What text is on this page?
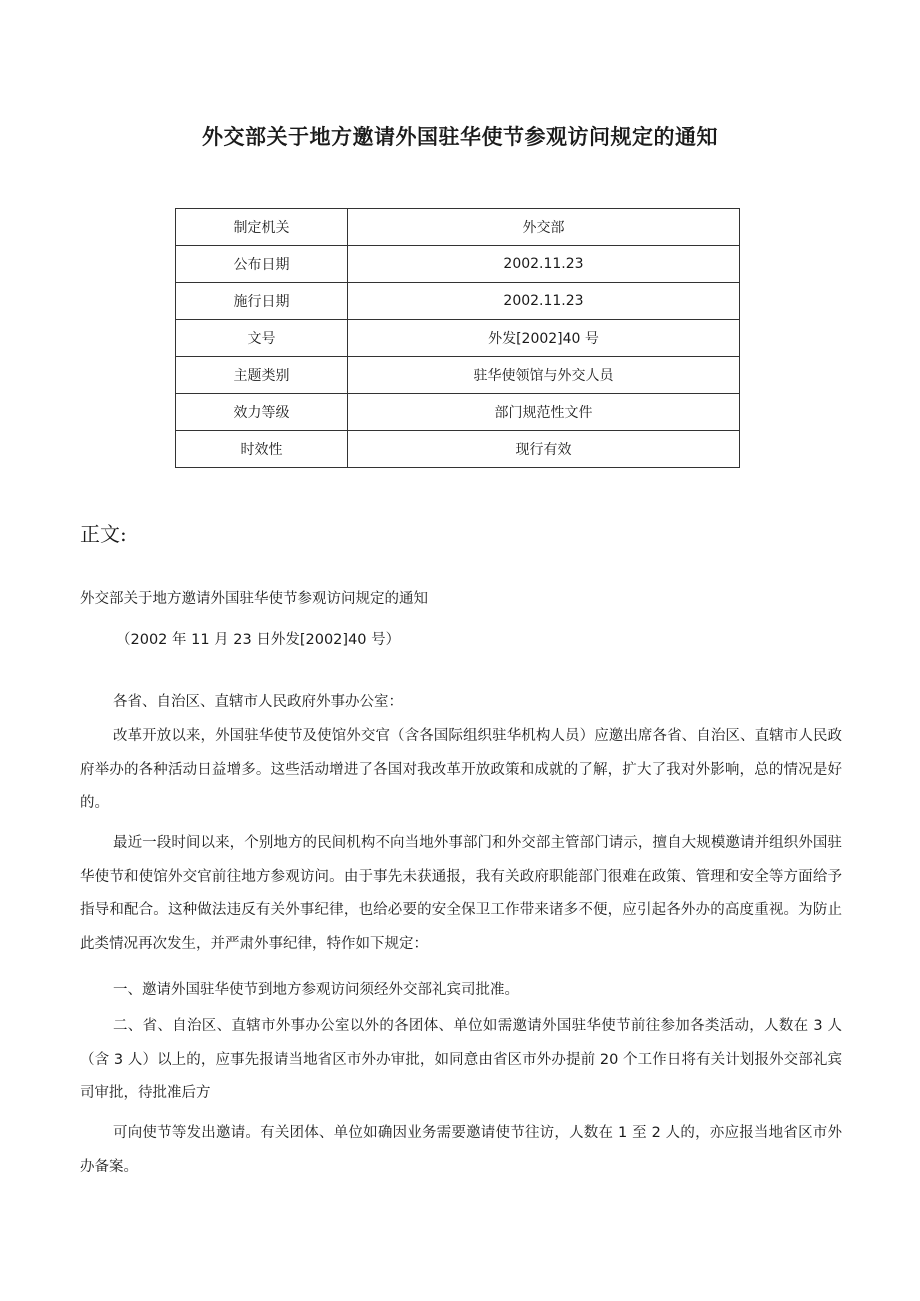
外交部关于地方邀请外国驻华使节参观访问规定的通知
制定机关	外交部
公布日期	2002.11.23
施行日期	2002.11.23
文号	外发[2002]40 号
主题类别	驻华使领馆与外交人员
效力等级	部门规范性文件
时效性	现行有效
正文:

外交部关于地方邀请外国驻华使节参观访问规定的通知

（2002 年 11 月 23 日外发[2002]40 号）

各省、自治区、直辖市人民政府外事办公室：

改革开放以来，外国驻华使节及使馆外交官（含各国际组织驻华机构人员）应邀出席各省、自治区、直辖市人民政府举办的各种活动日益增多。这些活动增进了各国对我改革开放政策和成就的了解，扩大了我对外影响，总的情况是好的。

最近一段时间以来，个别地方的民间机构不向当地外事部门和外交部主管部门请示，擅自大规模邀请并组织外国驻华使节和使馆外交官前往地方参观访问。由于事先未获通报，我有关政府职能部门很难在政策、管理和安全等方面给予指导和配合。这种做法违反有关外事纪律，也给必要的安全保卫工作带来诸多不便，应引起各外办的高度重视。为防止此类情况再次发生，并严肃外事纪律，特作如下规定：

一、邀请外国驻华使节到地方参观访问须经外交部礼宾司批准。

二、省、自治区、直辖市外事办公室以外的各团体、单位如需邀请外国驻华使节前往参加各类活动，人数在 3 人（含 3 人）以上的，应事先报请当地省区市外办审批，如同意由省区市外办提前 20 个工作日将有关计划报外交部礼宾司审批，待批准后方

可向使节等发出邀请。有关团体、单位如确因业务需要邀请使节往访，人数在 1 至 2 人的，亦应报当地省区市外办备案。
